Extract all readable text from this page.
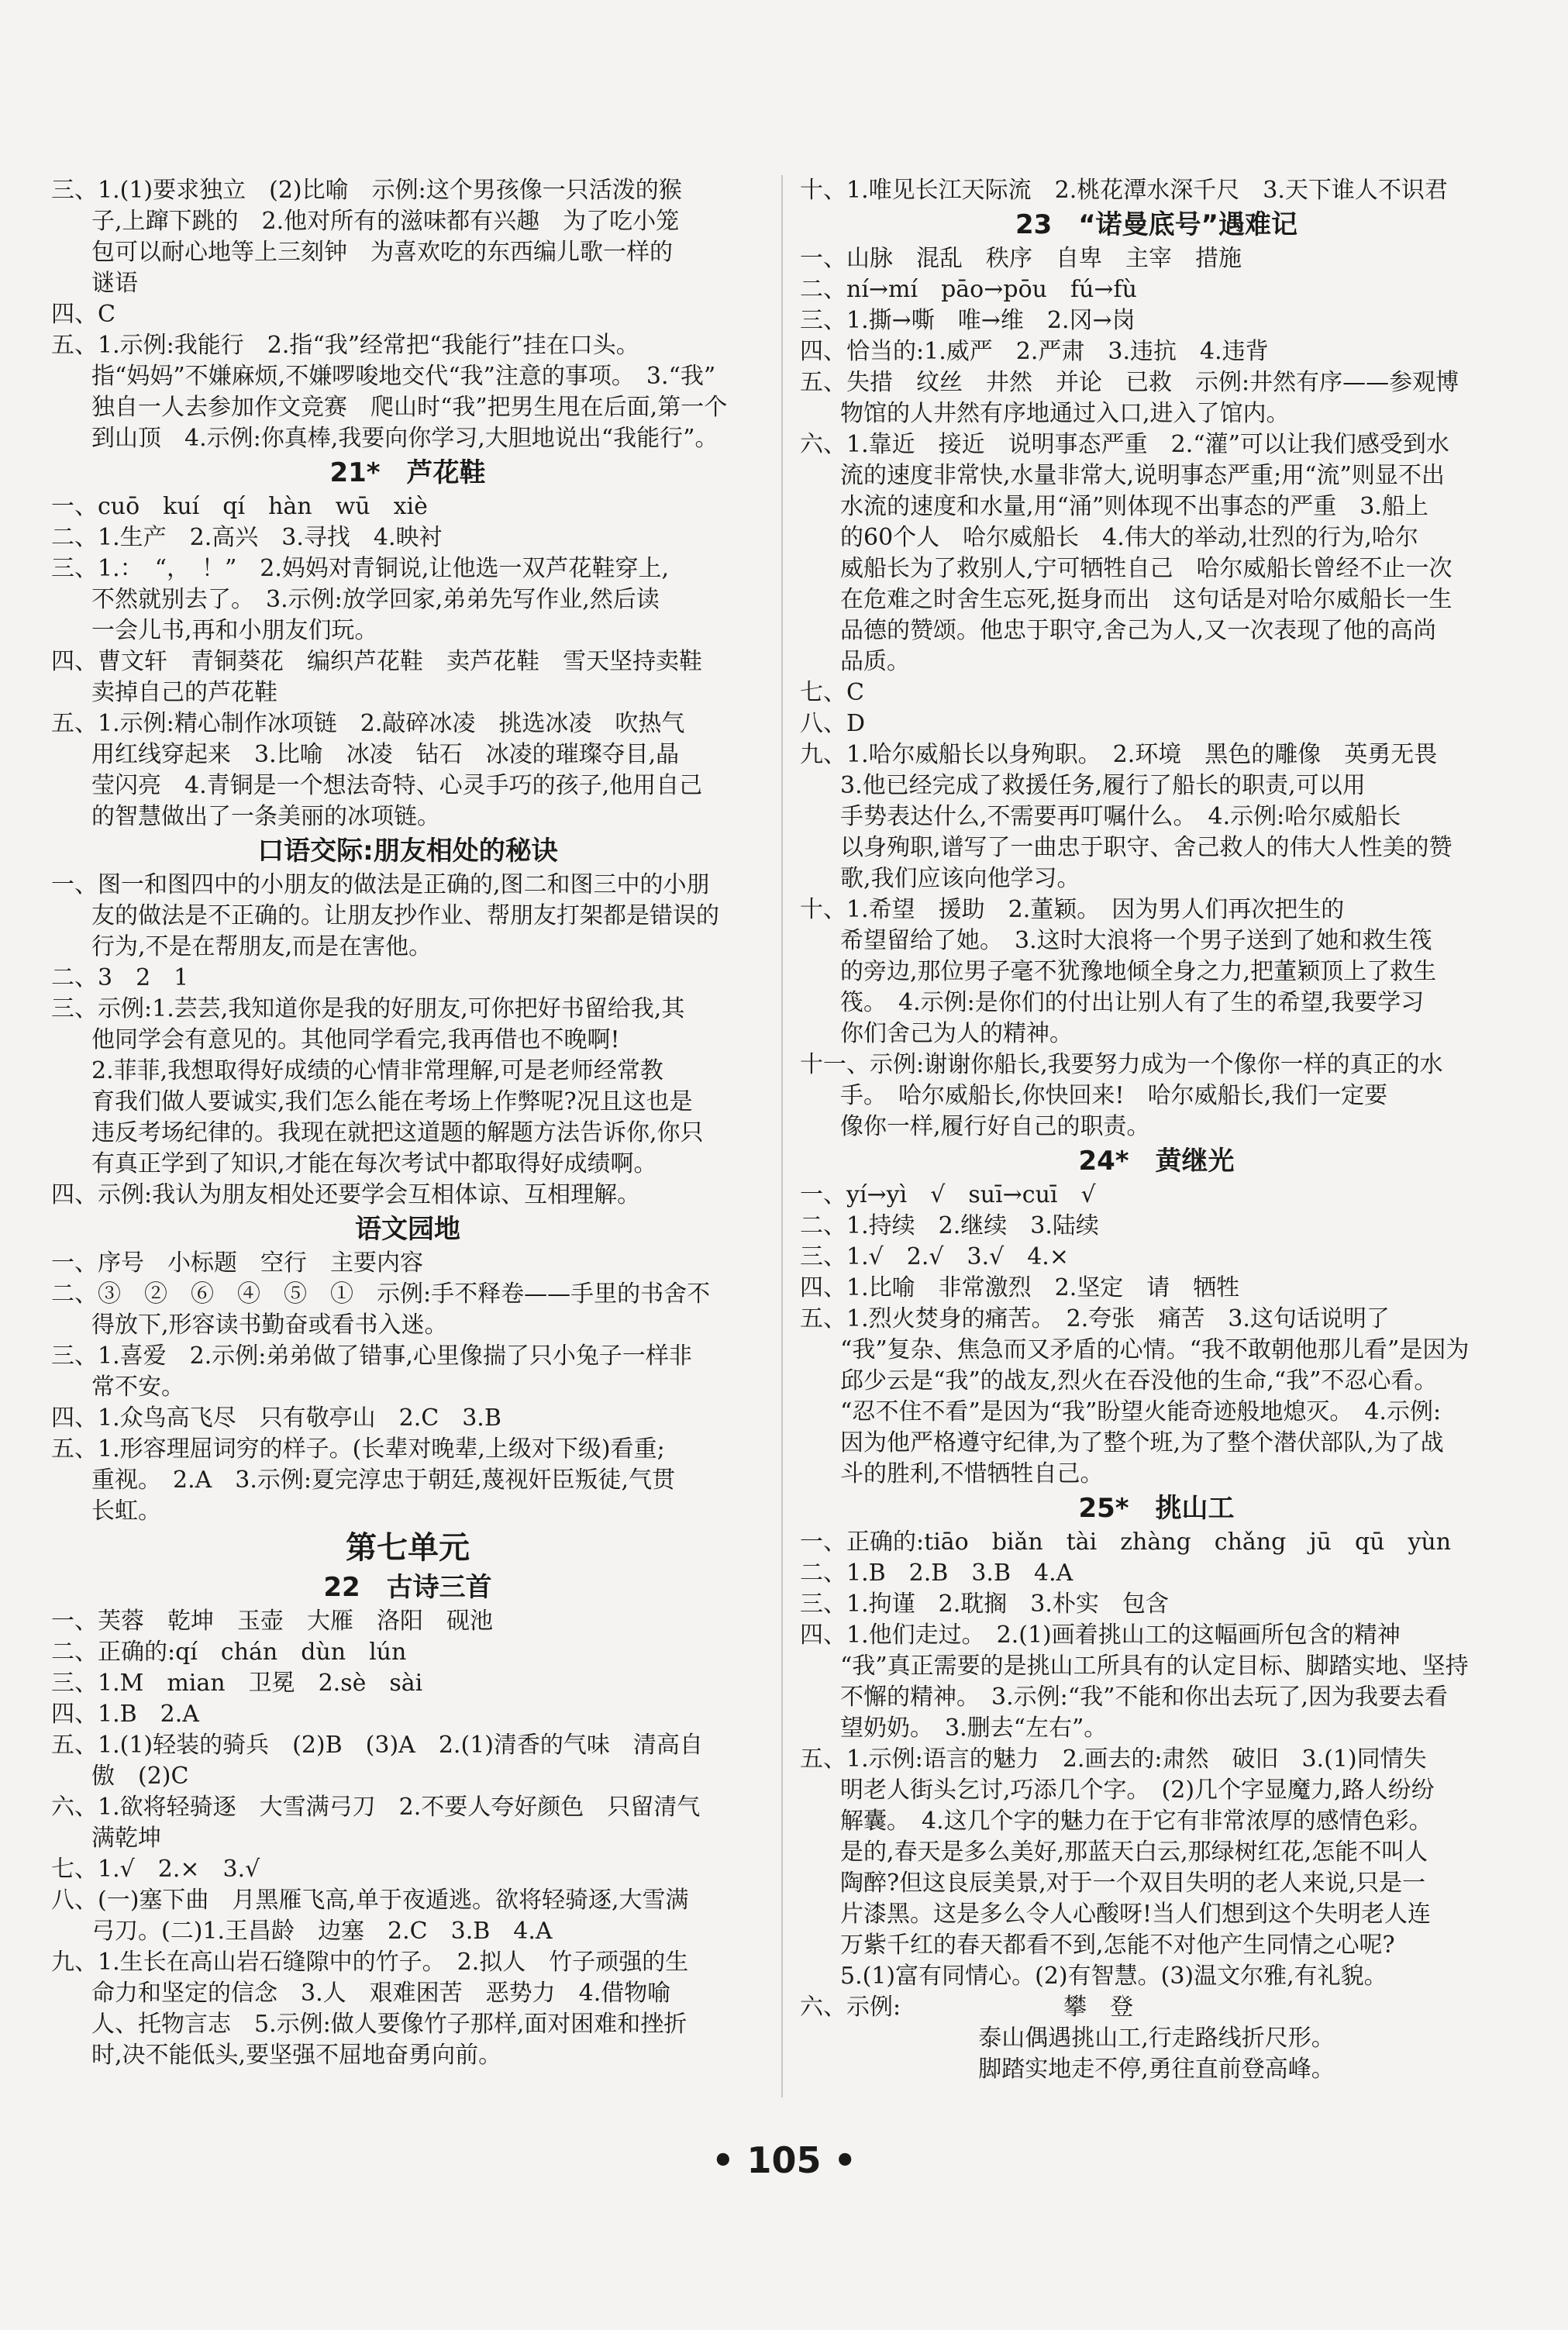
三、1.(1)要求独立　(2)比喻　示例:这个男孩像一只活泼的猴
子,上蹿下跳的　2.他对所有的滋味都有兴趣　为了吃小笼
包可以耐心地等上三刻钟　为喜欢吃的东西编儿歌一样的
谜语
四、C
五、1.示例:我能行　2.指“我”经常把“我能行”挂在口头。
指“妈妈”不嫌麻烦,不嫌啰唆地交代“我”注意的事项。　3.“我”
独自一人去参加作文竞赛　爬山时“我”把男生甩在后面,第一个
到山顶　4.示例:你真棒,我要向你学习,大胆地说出“我能行”。
21*　芦花鞋
一、cuō　kuí　qí　hàn　wū　xiè
二、1.生产　2.高兴　3.寻找　4.映衬
三、1.：　“，　！”　2.妈妈对青铜说,让他选一双芦花鞋穿上,
不然就别去了。　3.示例:放学回家,弟弟先写作业,然后读
一会儿书,再和小朋友们玩。
四、曹文轩　青铜葵花　编织芦花鞋　卖芦花鞋　雪天坚持卖鞋
卖掉自己的芦花鞋
五、1.示例:精心制作冰项链　2.敲碎冰凌　挑选冰凌　吹热气
用红线穿起来　3.比喻　冰凌　钻石　冰凌的璀璨夺目,晶
莹闪亮　4.青铜是一个想法奇特、心灵手巧的孩子,他用自己
的智慧做出了一条美丽的冰项链。
口语交际:朋友相处的秘诀
一、图一和图四中的小朋友的做法是正确的,图二和图三中的小朋
友的做法是不正确的。让朋友抄作业、帮朋友打架都是错误的
行为,不是在帮朋友,而是在害他。
二、3　2　1
三、示例:1.芸芸,我知道你是我的好朋友,可你把好书留给我,其
他同学会有意见的。其他同学看完,我再借也不晚啊!
2.菲菲,我想取得好成绩的心情非常理解,可是老师经常教
育我们做人要诚实,我们怎么能在考场上作弊呢?况且这也是
违反考场纪律的。我现在就把这道题的解题方法告诉你,你只
有真正学到了知识,才能在每次考试中都取得好成绩啊。
四、示例:我认为朋友相处还要学会互相体谅、互相理解。
语文园地
一、序号　小标题　空行　主要内容
二、③　②　⑥　④　⑤　①　示例:手不释卷——手里的书舍不
得放下,形容读书勤奋或看书入迷。
三、1.喜爱　2.示例:弟弟做了错事,心里像揣了只小兔子一样非
常不安。
四、1.众鸟高飞尽　只有敬亭山　2.C　3.B
五、1.形容理屈词穷的样子。(长辈对晚辈,上级对下级)看重;
重视。　2.A　3.示例:夏完淳忠于朝廷,蔑视奸臣叛徒,气贯
长虹。
第七单元
22　古诗三首
一、芙蓉　乾坤　玉壶　大雁　洛阳　砚池
二、正确的:qí　chán　dùn　lún
三、1.M　mian　卫冕　2.sè　sài
四、1.B　2.A
五、1.(1)轻装的骑兵　(2)B　(3)A　2.(1)清香的气味　清高自
傲　(2)C
六、1.欲将轻骑逐　大雪满弓刀　2.不要人夸好颜色　只留清气
满乾坤
七、1.√　2.×　3.√
八、(一)塞下曲　月黑雁飞高,单于夜遁逃。欲将轻骑逐,大雪满
弓刀。(二)1.王昌龄　边塞　2.C　3.B　4.A
九、1.生长在高山岩石缝隙中的竹子。　2.拟人　竹子顽强的生
命力和坚定的信念　3.人　艰难困苦　恶势力　4.借物喻
人、托物言志　5.示例:做人要像竹子那样,面对困难和挫折
时,决不能低头,要坚强不屈地奋勇向前。
十、1.唯见长江天际流　2.桃花潭水深千尺　3.天下谁人不识君
23　“诺曼底号”遇难记
一、山脉　混乱　秩序　自卑　主宰　措施
二、ní→mí　pāo→pōu　fú→fù
三、1.撕→嘶　唯→维　2.冈→岗
四、恰当的:1.威严　2.严肃　3.违抗　4.违背
五、失措　纹丝　井然　并论　已救　示例:井然有序——参观博
物馆的人井然有序地通过入口,进入了馆内。
六、1.靠近　接近　说明事态严重　2.“灌”可以让我们感受到水
流的速度非常快,水量非常大,说明事态严重;用“流”则显不出
水流的速度和水量,用“涌”则体现不出事态的严重　3.船上
的60个人　哈尔威船长　4.伟大的举动,壮烈的行为,哈尔
威船长为了救别人,宁可牺牲自己　哈尔威船长曾经不止一次
在危难之时舍生忘死,挺身而出　这句话是对哈尔威船长一生
品德的赞颂。他忠于职守,舍己为人,又一次表现了他的高尚
品质。
七、C
八、D
九、1.哈尔威船长以身殉职。　2.环境　黑色的雕像　英勇无畏
3.他已经完成了救援任务,履行了船长的职责,可以用
手势表达什么,不需要再叮嘱什么。　4.示例:哈尔威船长
以身殉职,谱写了一曲忠于职守、舍己救人的伟大人性美的赞
歌,我们应该向他学习。
十、1.希望　援助　2.董颖。　因为男人们再次把生的
希望留给了她。　3.这时大浪将一个男子送到了她和救生筏
的旁边,那位男子毫不犹豫地倾全身之力,把董颖顶上了救生
筏。　4.示例:是你们的付出让别人有了生的希望,我要学习
你们舍己为人的精神。
十一、示例:谢谢你船长,我要努力成为一个像你一样的真正的水
手。　哈尔威船长,你快回来!　哈尔威船长,我们一定要
像你一样,履行好自己的职责。
24*　黄继光
一、yí→yì　√　suī→cuī　√
二、1.持续　2.继续　3.陆续
三、1.√　2.√　3.√　4.×
四、1.比喻　非常激烈　2.坚定　请　牺牲
五、1.烈火焚身的痛苦。　2.夸张　痛苦　3.这句话说明了
“我”复杂、焦急而又矛盾的心情。“我不敢朝他那儿看”是因为
邱少云是“我”的战友,烈火在吞没他的生命,“我”不忍心看。
“忍不住不看”是因为“我”盼望火能奇迹般地熄灭。　4.示例:
因为他严格遵守纪律,为了整个班,为了整个潜伏部队,为了战
斗的胜利,不惜牺牲自己。
25*　挑山工
一、正确的:tiāo　biǎn　tài　zhàng　chǎng　jū　qū　yùn
二、1.B　2.B　3.B　4.A
三、1.拘谨　2.耽搁　3.朴实　包含
四、1.他们走过。　2.(1)画着挑山工的这幅画所包含的精神
“我”真正需要的是挑山工所具有的认定目标、脚踏实地、坚持
不懈的精神。　3.示例:“我”不能和你出去玩了,因为我要去看
望奶奶。　3.删去“左右”。
五、1.示例:语言的魅力　2.画去的:肃然　破旧　3.(1)同情失
明老人街头乞讨,巧添几个字。　(2)几个字显魔力,路人纷纷
解囊。　4.这几个字的魅力在于它有非常浓厚的感情色彩。
是的,春天是多么美好,那蓝天白云,那绿树红花,怎能不叫人
陶醉?但这良辰美景,对于一个双目失明的老人来说,只是一
片漆黑。这是多么令人心酸呀!当人们想到这个失明老人连
万紫千红的春天都看不到,怎能不对他产生同情之心呢?
5.(1)富有同情心。(2)有智慧。(3)温文尔雅,有礼貌。
六、示例:　　　　　　　攀　登
泰山偶遇挑山工,行走路线折尺形。
脚踏实地走不停,勇往直前登高峰。
• 105 •
